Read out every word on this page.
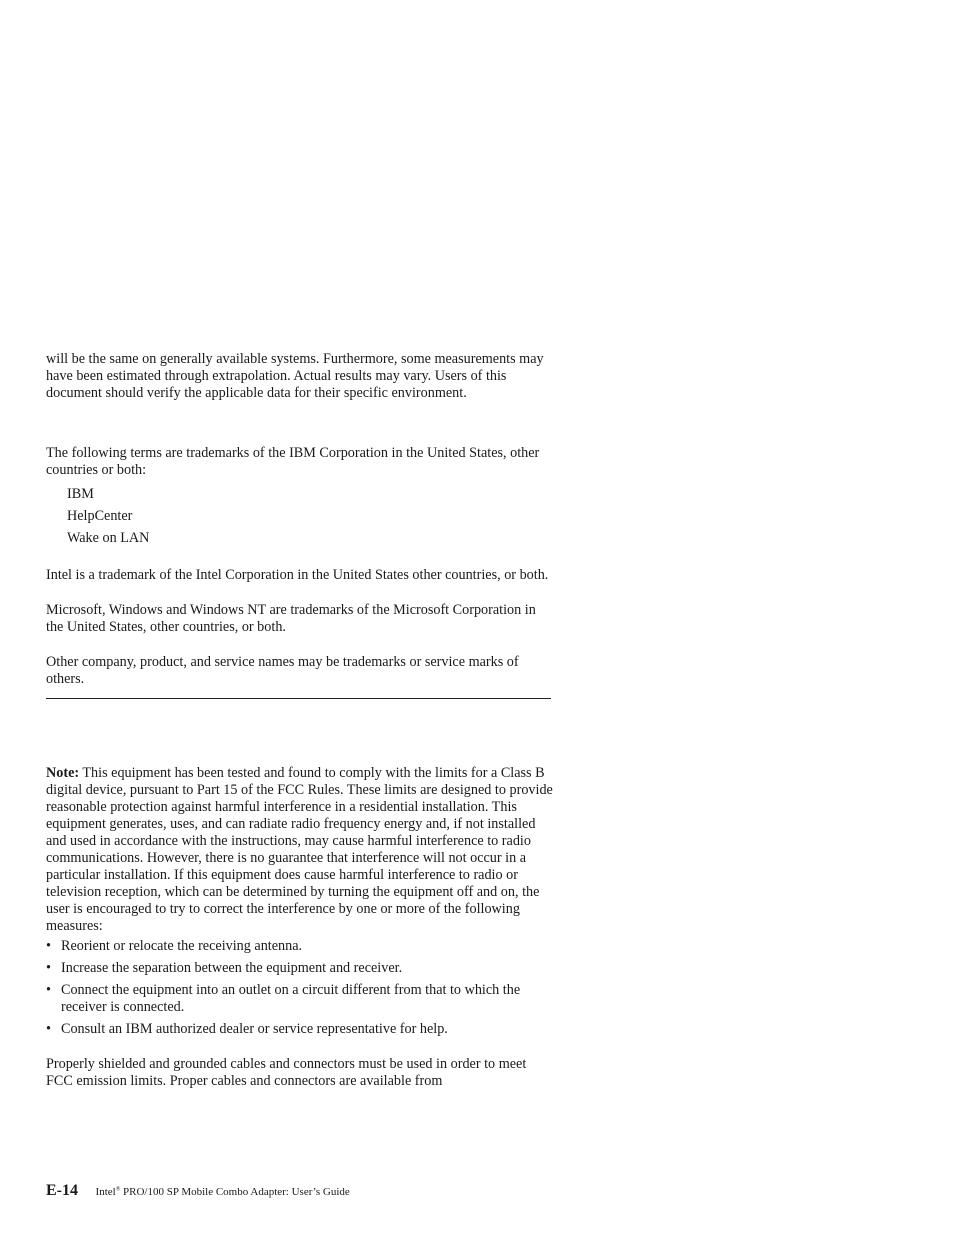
will be the same on generally available systems. Furthermore, some measurements may have been estimated through extrapolation. Actual results may vary. Users of this document should verify the applicable data for their specific environment.

The following terms are trademarks of the IBM Corporation in the United States, other countries or both:

IBM
HelpCenter
Wake on LAN

Intel is a trademark of the Intel Corporation in the United States other countries, or both.

Microsoft, Windows and Windows NT are trademarks of the Microsoft Corporation in the United States, other countries, or both.

Other company, product, and service names may be trademarks or service marks of others.

Note: This equipment has been tested and found to comply with the limits for a Class B digital device, pursuant to Part 15 of the FCC Rules. These limits are designed to provide reasonable protection against harmful interference in a residential installation. This equipment generates, uses, and can radiate radio frequency energy and, if not installed and used in accordance with the instructions, may cause harmful interference to radio communications. However, there is no guarantee that interference will not occur in a particular installation. If this equipment does cause harmful interference to radio or television reception, which can be determined by turning the equipment off and on, the user is encouraged to try to correct the interference by one or more of the following measures:

• Reorient or relocate the receiving antenna.
• Increase the separation between the equipment and receiver.
• Connect the equipment into an outlet on a circuit different from that to which the receiver is connected.
• Consult an IBM authorized dealer or service representative for help.

Properly shielded and grounded cables and connectors must be used in order to meet FCC emission limits. Proper cables and connectors are available from

E-14 Intel® PRO/100 SP Mobile Combo Adapter: User’s Guide
